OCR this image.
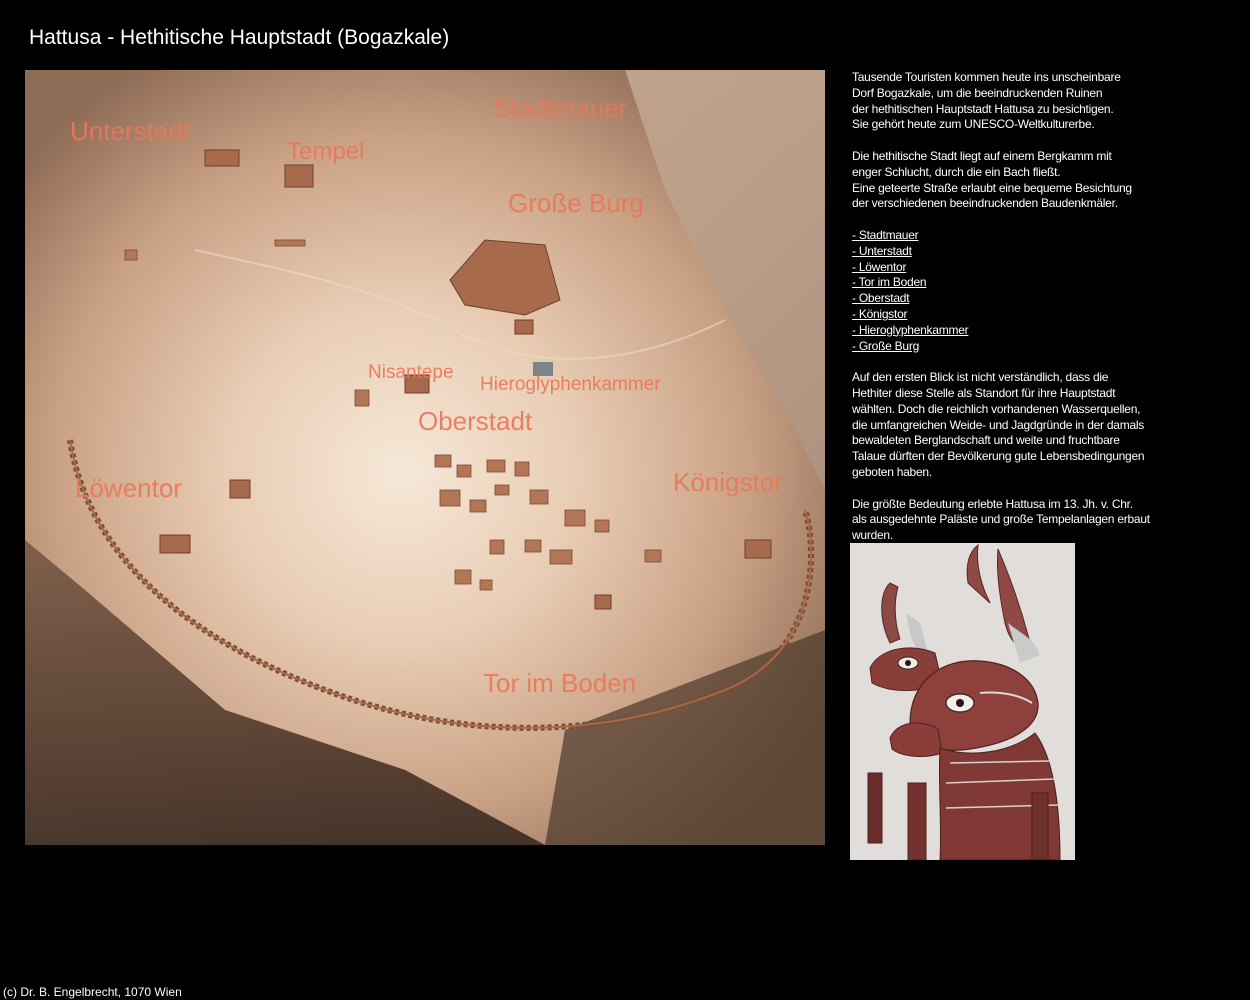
Hattusa - Hethitische Hauptstadt (Bogazkale)
Unterstadt
Stadtmauer
Tempel
Große Burg
Nisantepe
Hieroglyphenkammer
Oberstadt
Löwentor	Königstor
Tor im Boden

Tausende Touristen kommen heute ins unscheinbare

Dorf Bogazkale, um die beeindruckenden Ruinen

der hethitischen Hauptstadt Hattusa zu besichtigen.

Sie gehört heute zum UNESCO-Weltkulturerbe.

Die hethitische Stadt liegt auf einem Bergkamm mit

enger Schlucht, durch die ein Bach fließt.

Eine geteerte Straße erlaubt eine bequeme Besichtung

der verschiedenen beeindruckenden Baudenkmäler.

- Stadtmauer
- Unterstadt
- Löwentor
- Tor im Boden
- Oberstadt
- Königstor
- Hieroglyphenkammer
- Große Burg

Auf den ersten Blick ist nicht verständlich, dass die

Hethiter diese Stelle als Standort für ihre Hauptstadt

wählten. Doch die reichlich vorhandenen Wasserquellen,

die umfangreichen Weide- und Jagdgründe in der damals

bewaldeten Berglandschaft und weite und fruchtbare

Talaue dürften der Bevölkerung gute Lebensbedingungen

geboten haben.

Die größte Bedeutung erlebte Hattusa im 13. Jh. v. Chr.

als ausgedehnte Paläste und große Tempelanlagen erbaut

wurden.

(c) Dr. B. Engelbrecht, 1070 Wien
